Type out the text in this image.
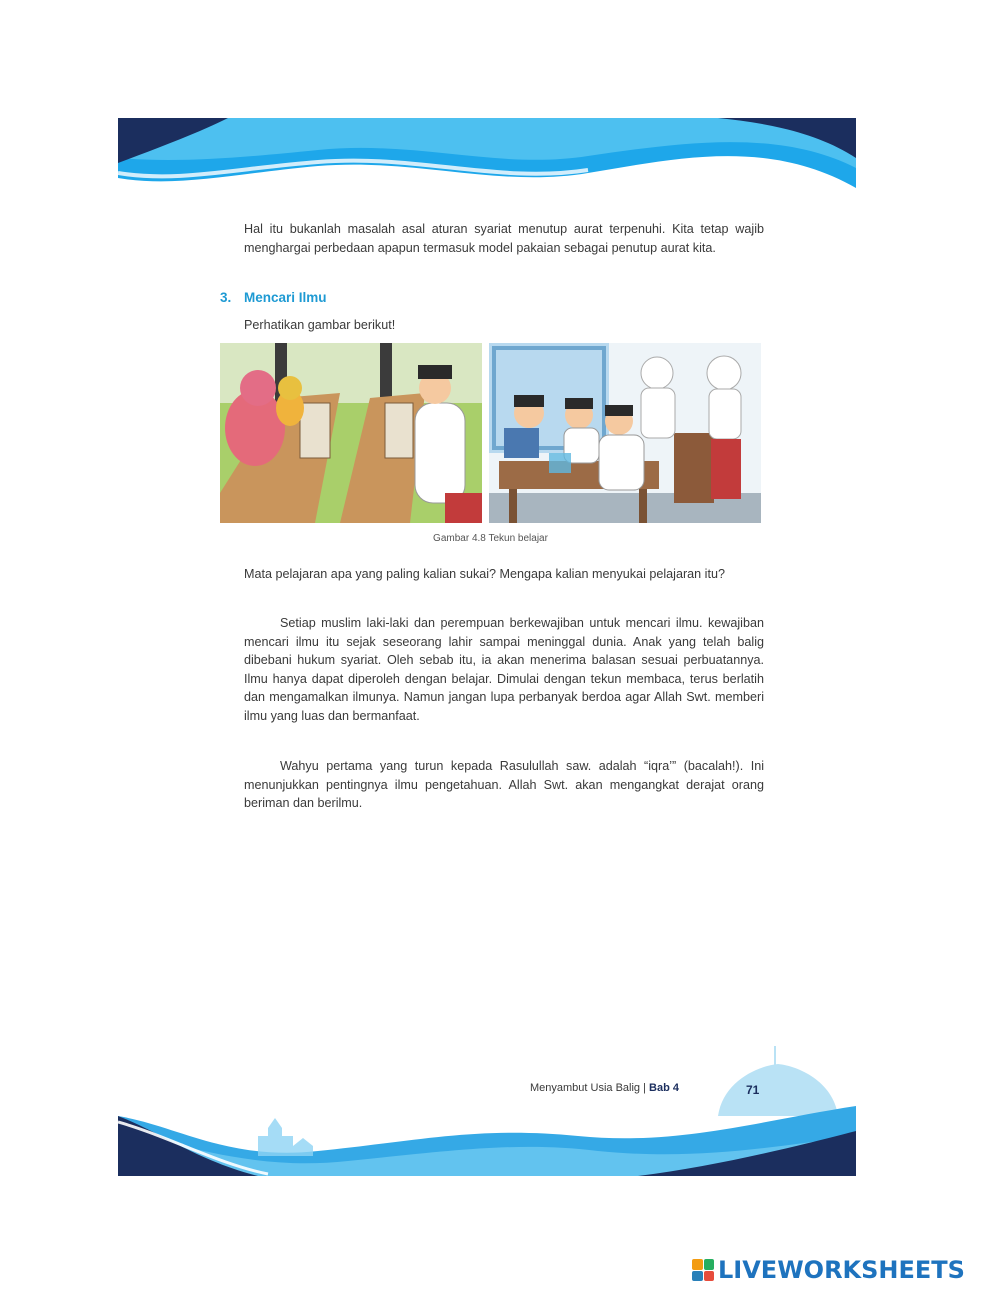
Hal itu bukanlah masalah asal aturan syariat menutup aurat terpenuhi. Kita tetap wajib menghargai perbedaan apapun termasuk model pakaian sebagai penutup aurat kita.

3. Mencari Ilmu

Perhatikan gambar berikut!

Gambar 4.8 Tekun belajar

Mata pelajaran apa yang paling kalian sukai? Mengapa kalian menyukai pelajaran itu?

Setiap muslim laki-laki dan perempuan berkewajiban untuk mencari ilmu. kewajiban mencari ilmu itu sejak seseorang lahir sampai meninggal dunia. Anak yang telah balig dibebani hukum syariat. Oleh sebab itu, ia akan menerima balasan sesuai perbuatannya. Ilmu hanya dapat diperoleh dengan belajar. Dimulai dengan tekun membaca, terus berlatih dan mengamalkan ilmunya. Namun jangan lupa perbanyak berdoa agar Allah Swt. memberi ilmu yang luas dan bermanfaat.

Wahyu pertama yang turun kepada Rasulullah saw. adalah “iqra’” (bacalah!). Ini menunjukkan pentingnya ilmu pengetahuan. Allah Swt. akan mengangkat derajat orang beriman dan berilmu.

Menyambut Usia Balig | Bab 4	71

LIVEWORKSHEETS
